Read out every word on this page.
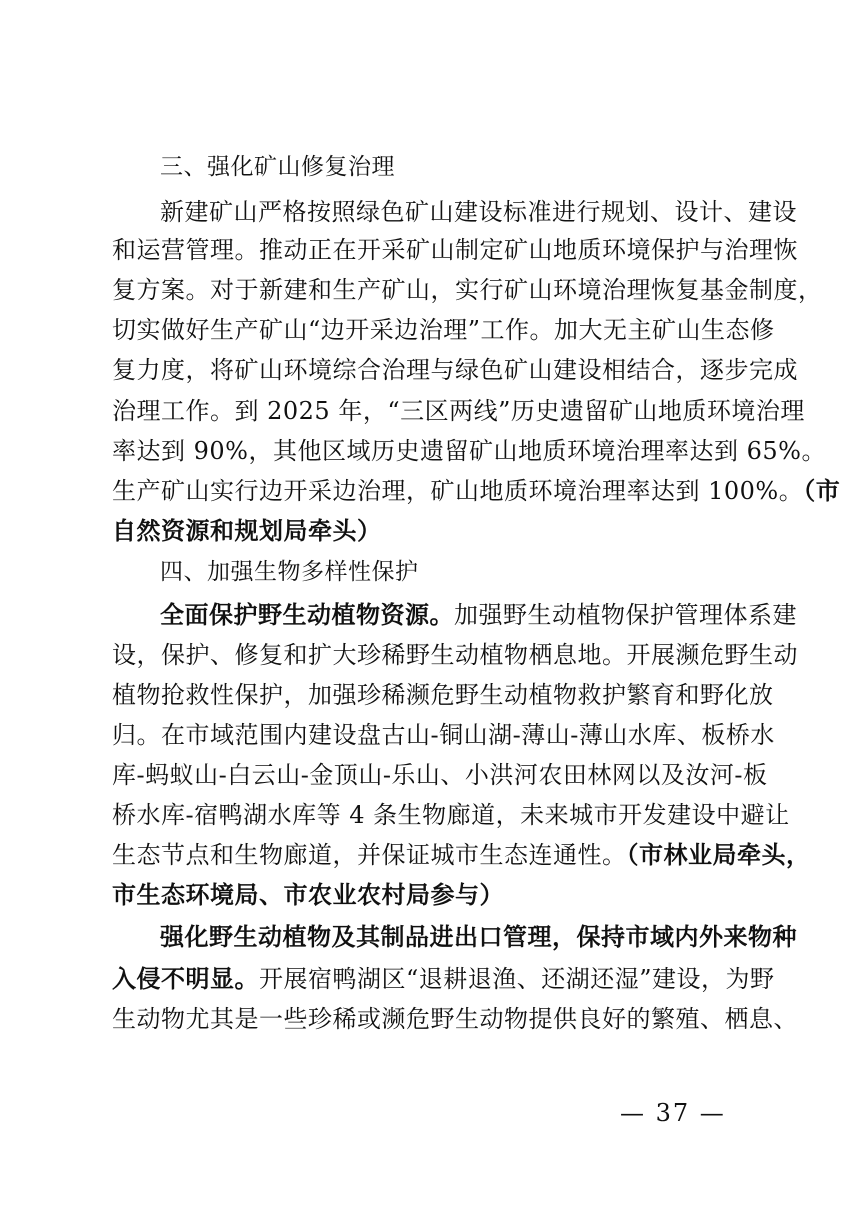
三、强化矿山修复治理
新建矿山严格按照绿色矿山建设标准进行规划、设计、建设
和运营管理。推动正在开采矿山制定矿山地质环境保护与治理恢
复方案。对于新建和生产矿山，实行矿山环境治理恢复基金制度，
切实做好生产矿山“边开采边治理”工作。加大无主矿山生态修
复力度，将矿山环境综合治理与绿色矿山建设相结合，逐步完成
治理工作。到 2025 年，“三区两线”历史遗留矿山地质环境治理
率达到 90%，其他区域历史遗留矿山地质环境治理率达到 65%。
生产矿山实行边开采边治理，矿山地质环境治理率达到 100%。（市
自然资源和规划局牵头）
四、加强生物多样性保护
全面保护野生动植物资源。加强野生动植物保护管理体系建
设，保护、修复和扩大珍稀野生动植物栖息地。开展濒危野生动
植物抢救性保护，加强珍稀濒危野生动植物救护繁育和野化放
归。在市域范围内建设盘古山-铜山湖-薄山-薄山水库、板桥水
库-蚂蚁山-白云山-金顶山-乐山、小洪河农田林网以及汝河-板
桥水库-宿鸭湖水库等 4 条生物廊道，未来城市开发建设中避让
生态节点和生物廊道，并保证城市生态连通性。（市林业局牵头，
市生态环境局、市农业农村局参与）
强化野生动植物及其制品进出口管理，保持市域内外来物种
入侵不明显。开展宿鸭湖区“退耕退渔、还湖还湿”建设，为野
生动物尤其是一些珍稀或濒危野生动物提供良好的繁殖、栖息、
— 37 —
